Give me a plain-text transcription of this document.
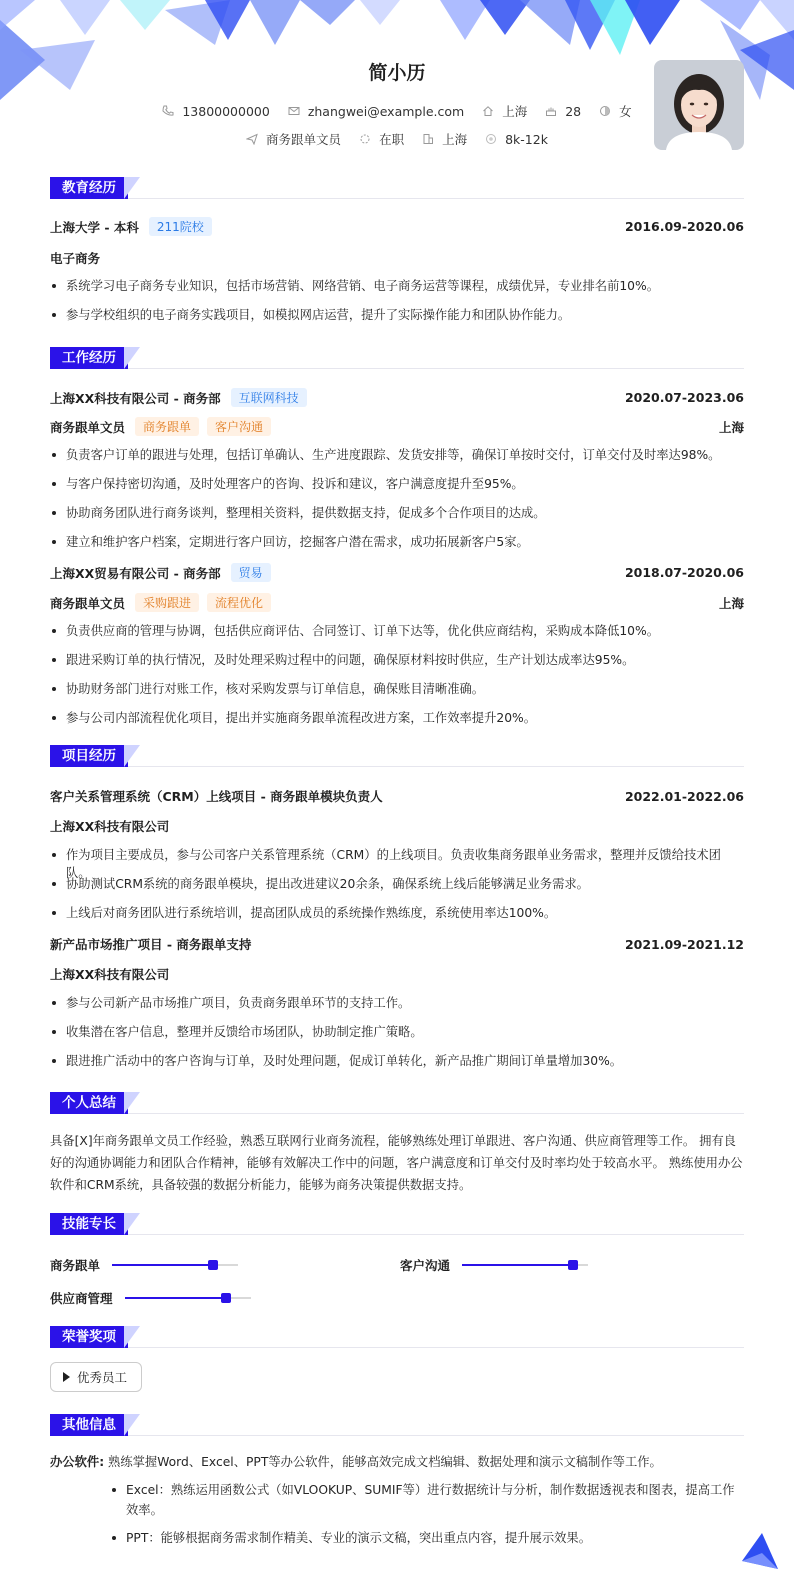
简小历
13800000000	zhangwei@example.com	上海	28	女
商务跟单文员	在职	上海	8k-12k
教育经历
上海大学 - 本科	211院校	2016.09-2020.06
电子商务
系统学习电子商务专业知识，包括市场营销、网络营销、电子商务运营等课程，成绩优异，专业排名前10%。
参与学校组织的电子商务实践项目，如模拟网店运营，提升了实际操作能力和团队协作能力。
工作经历
上海XX科技有限公司 - 商务部	互联网科技	2020.07-2023.06
商务跟单文员	商务跟单	客户沟通	上海
负责客户订单的跟进与处理，包括订单确认、生产进度跟踪、发货安排等，确保订单按时交付，订单交付及时率达98%。
与客户保持密切沟通，及时处理客户的咨询、投诉和建议，客户满意度提升至95%。
协助商务团队进行商务谈判，整理相关资料，提供数据支持，促成多个合作项目的达成。
建立和维护客户档案，定期进行客户回访，挖掘客户潜在需求，成功拓展新客户5家。
上海XX贸易有限公司 - 商务部	贸易	2018.07-2020.06
商务跟单文员	采购跟进	流程优化	上海
负责供应商的管理与协调，包括供应商评估、合同签订、订单下达等，优化供应商结构，采购成本降低10%。
跟进采购订单的执行情况，及时处理采购过程中的问题，确保原材料按时供应，生产计划达成率达95%。
协助财务部门进行对账工作，核对采购发票与订单信息，确保账目清晰准确。
参与公司内部流程优化项目，提出并实施商务跟单流程改进方案，工作效率提升20%。
项目经历
客户关系管理系统（CRM）上线项目 - 商务跟单模块负责人	2022.01-2022.06
上海XX科技有限公司
作为项目主要成员，参与公司客户关系管理系统（CRM）的上线项目。负责收集商务跟单业务需求，整理并反馈给技术团队。
协助测试CRM系统的商务跟单模块，提出改进建议20余条，确保系统上线后能够满足业务需求。
上线后对商务团队进行系统培训，提高团队成员的系统操作熟练度，系统使用率达100%。
新产品市场推广项目 - 商务跟单支持	2021.09-2021.12
上海XX科技有限公司
参与公司新产品市场推广项目，负责商务跟单环节的支持工作。
收集潜在客户信息，整理并反馈给市场团队，协助制定推广策略。
跟进推广活动中的客户咨询与订单，及时处理问题，促成订单转化，新产品推广期间订单量增加30%。
个人总结
具备[X]年商务跟单文员工作经验，熟悉互联网行业商务流程，能够熟练处理订单跟进、客户沟通、供应商管理等工作。 拥有良好的沟通协调能力和团队合作精神，能够有效解决工作中的问题，客户满意度和订单交付及时率均处于较高水平。 熟练使用办公软件和CRM系统，具备较强的数据分析能力，能够为商务决策提供数据支持。
技能专长
商务跟单	客户沟通
供应商管理
荣誉奖项
优秀员工
其他信息
办公软件: 熟练掌握Word、Excel、PPT等办公软件，能够高效完成文档编辑、数据处理和演示文稿制作等工作。
Excel：熟练运用函数公式（如VLOOKUP、SUMIF等）进行数据统计与分析，制作数据透视表和图表，提高工作效率。
PPT：能够根据商务需求制作精美、专业的演示文稿，突出重点内容，提升展示效果。
